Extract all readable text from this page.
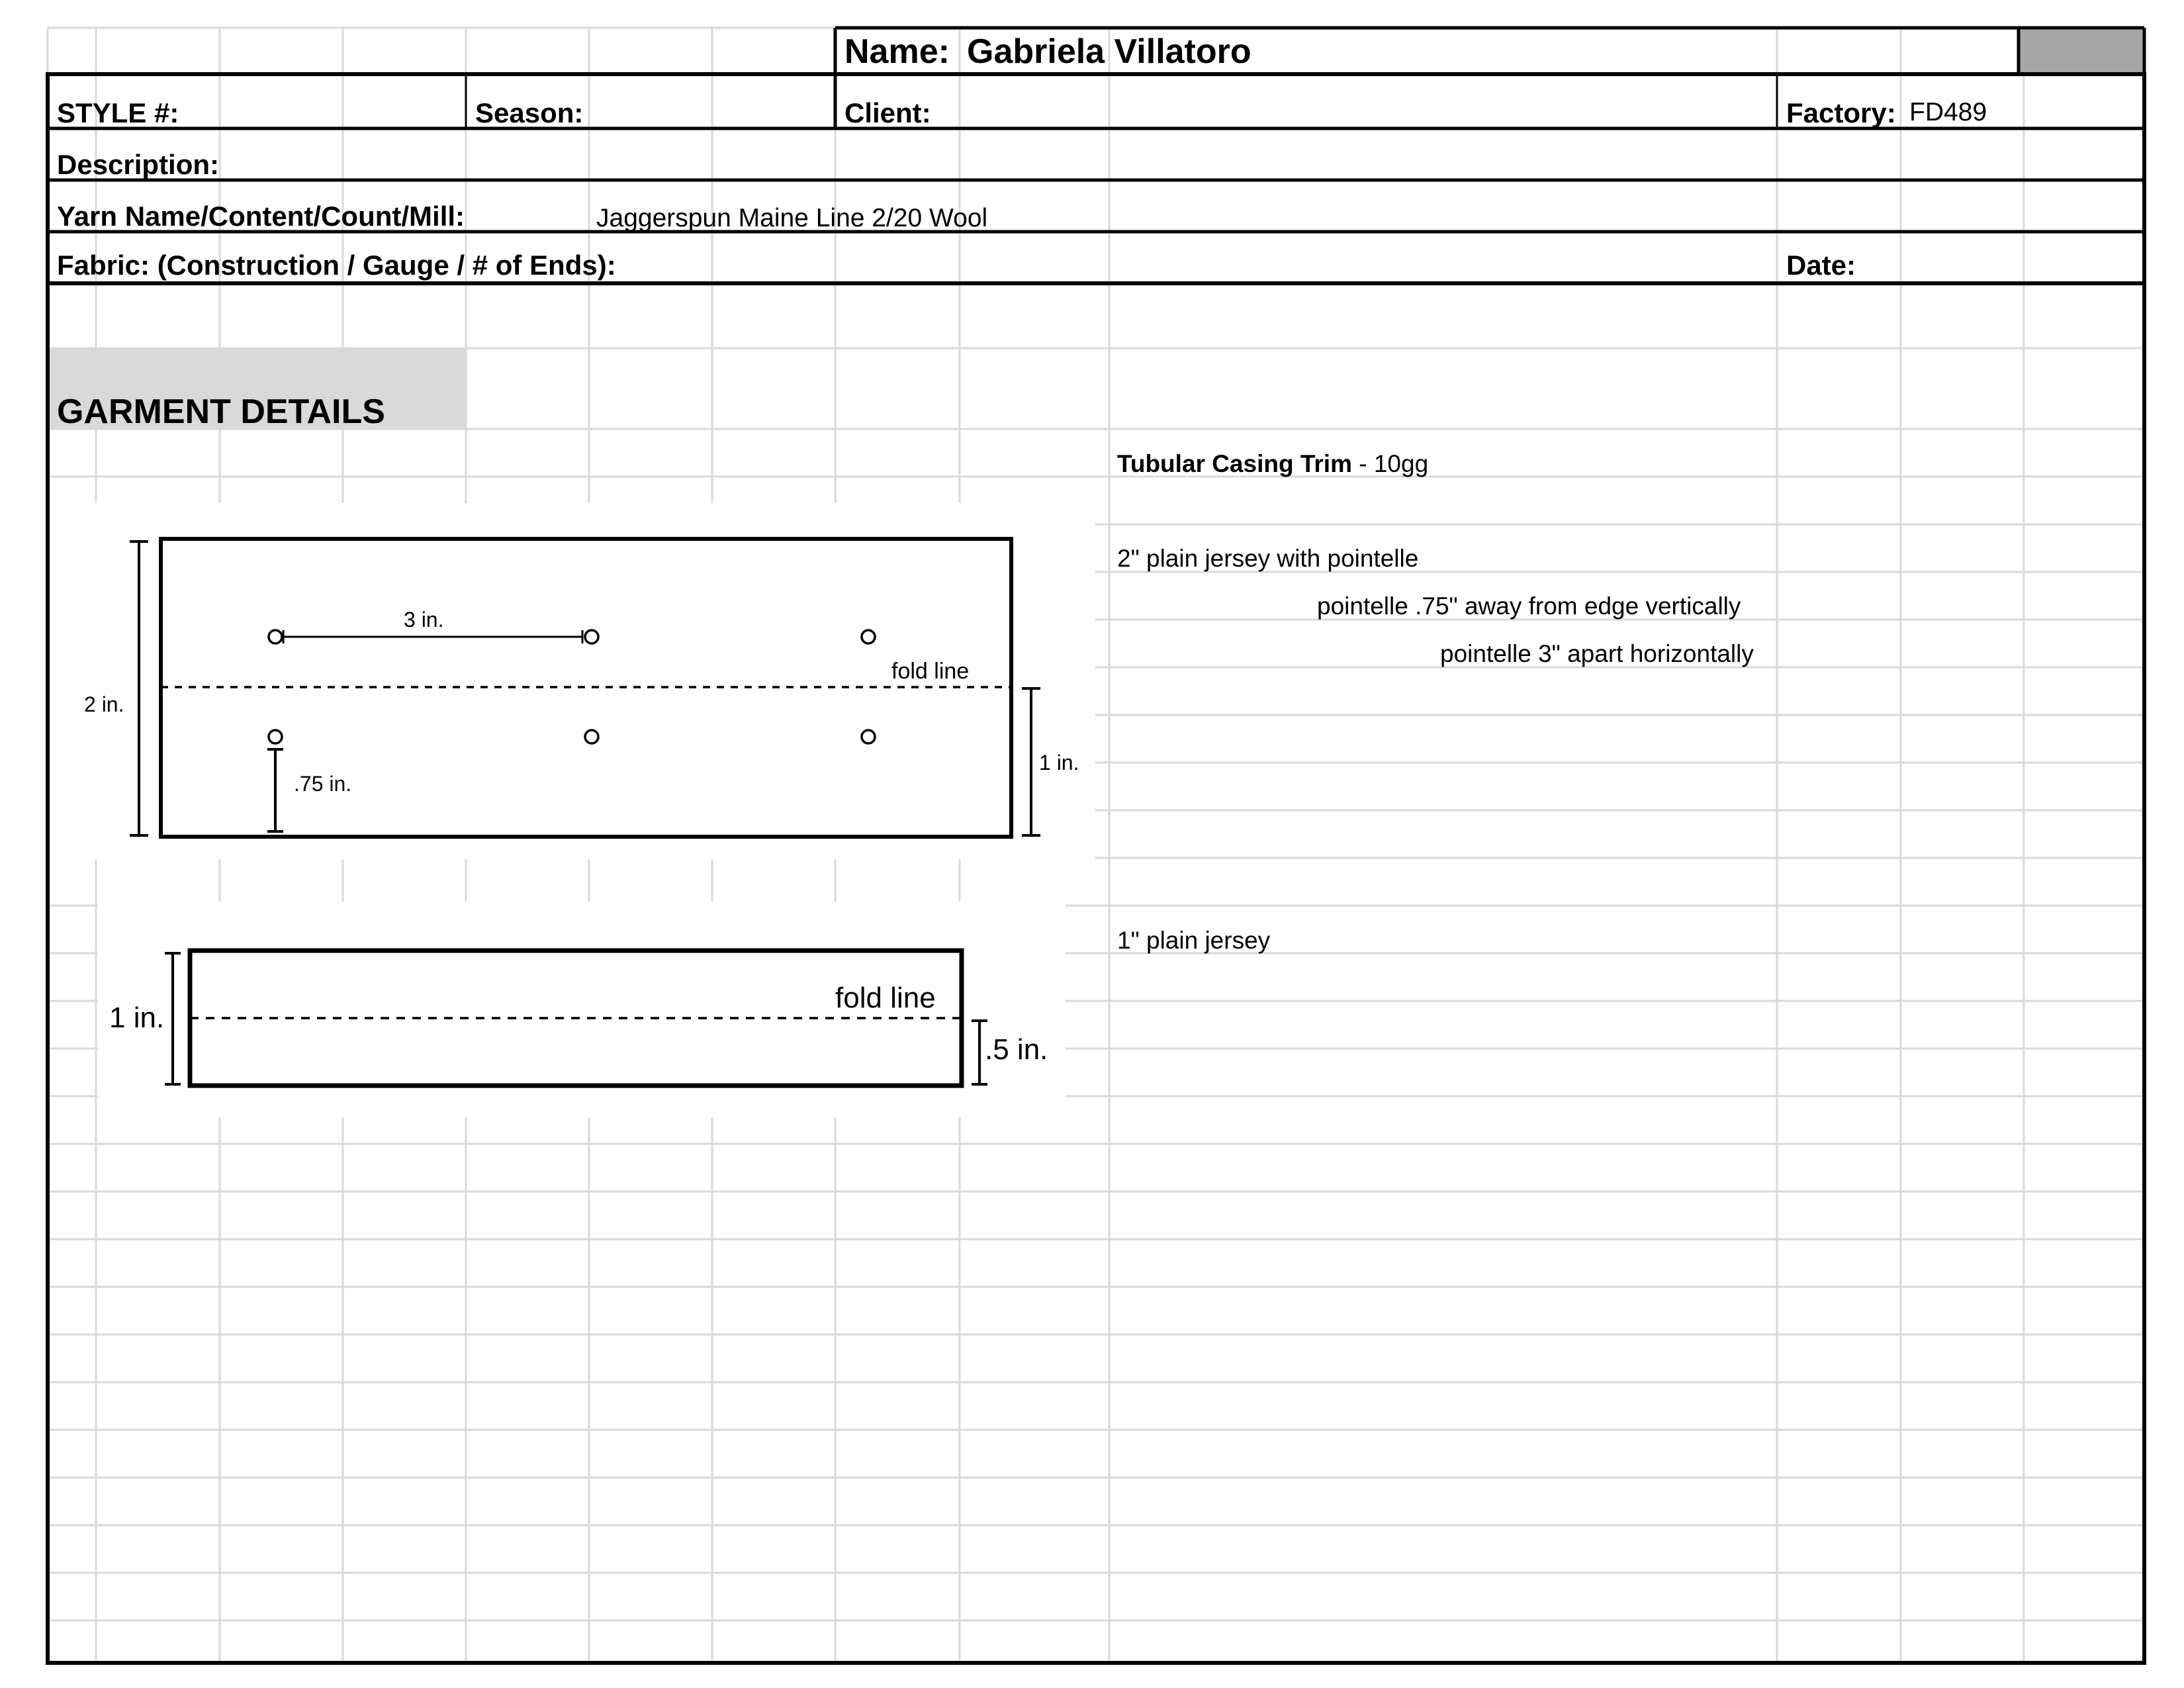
Name: Gabriela Villatoro
STYLE #:	Season:	Client:	Factory: FD489
Description:
Yarn Name/Content/Count/Mill:	Jaggerspun Maine Line 2/20 Wool
Fabric: (Construction / Gauge / # of Ends):	Date:
GARMENT DETAILS
Tubular Casing Trim - 10gg
2" plain jersey with pointelle
pointelle .75" away from edge vertically
pointelle 3" apart horizontally
1" plain jersey
2 in.
3 in.
fold line
1 in.
.75 in.
1 in.
fold line
.5 in.
